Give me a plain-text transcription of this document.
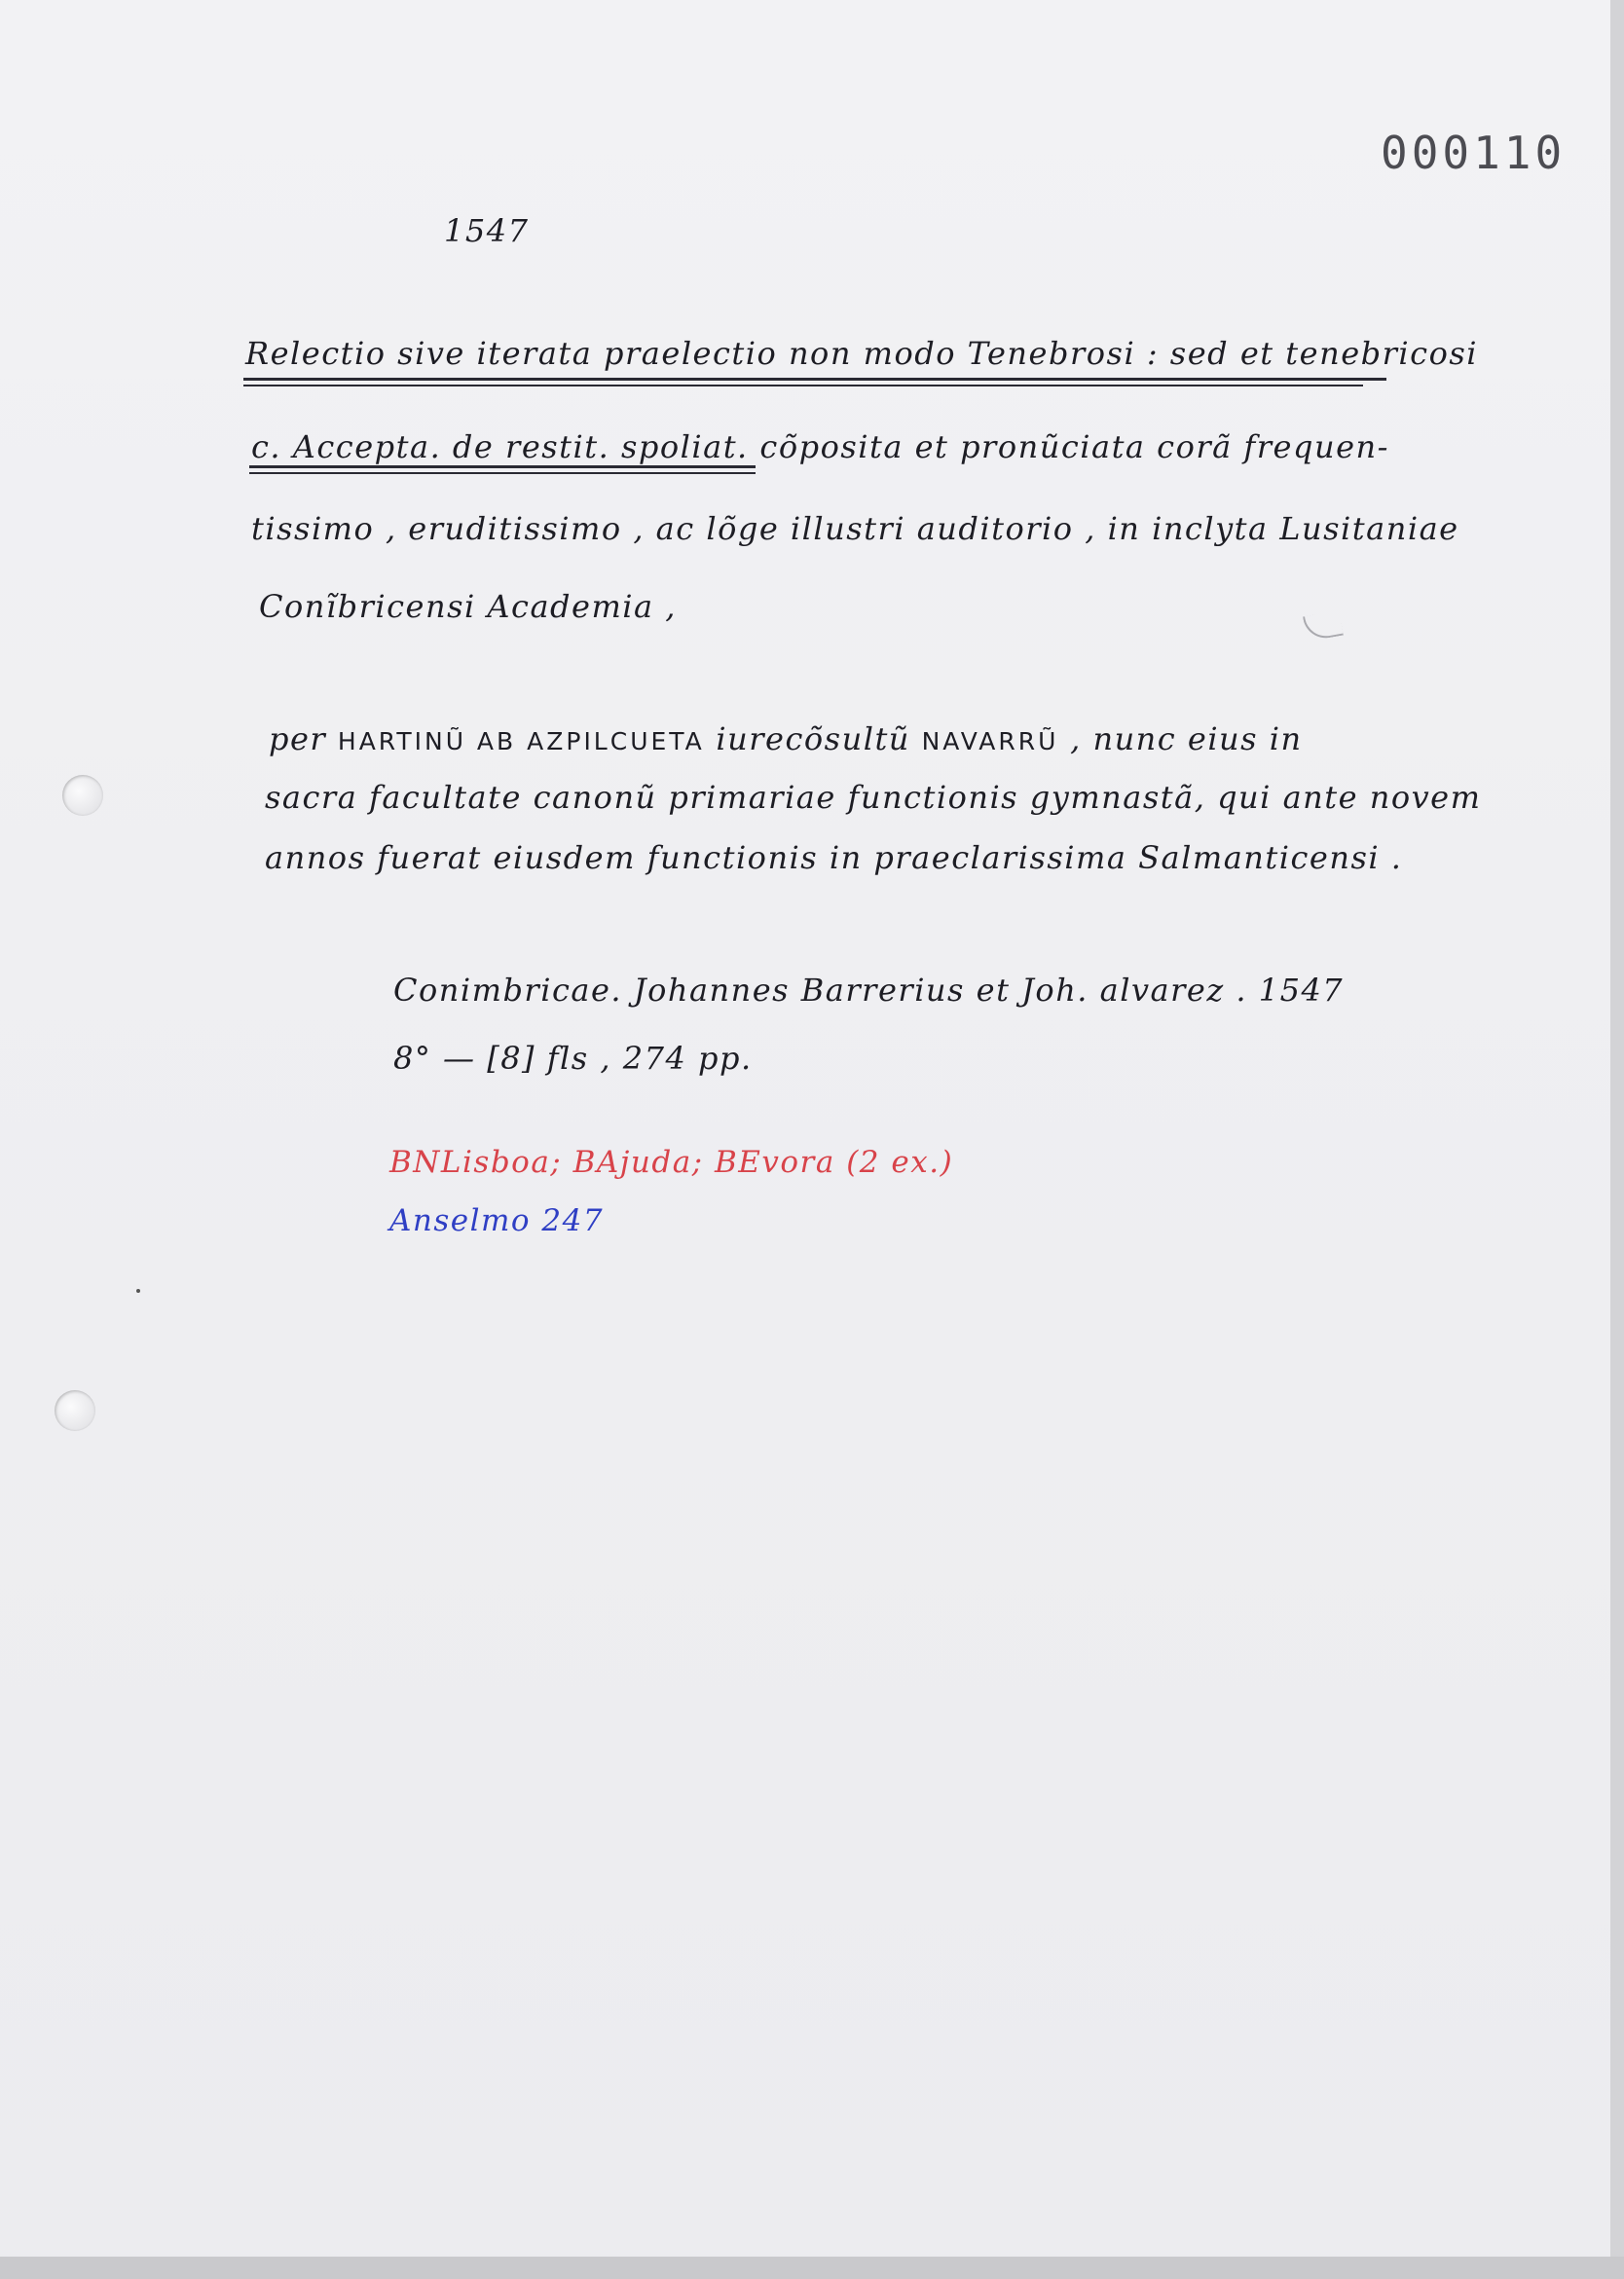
000110
1547
Relectio sive iterata praelectio non modo Tenebrosi : sed et tenebricosi
c. Accepta. de restit. spoliat. cõposita et pronũciata corã frequen-
tissimo , eruditissimo , ac lõge illustri auditorio , in inclyta Lusitaniae
Conĩbricensi Academia ,
per HARTINŨ AB AZPILCUETA iurecõsultũ NAVARRŨ , nunc eius in
sacra facultate canonũ primariae functionis gymnastã, qui ante novem
annos fuerat eiusdem functionis in praeclarissima Salmanticensi .
Conimbricae. Johannes Barrerius et Joh. alvarez . 1547
8° — [8] fls , 274 pp.
BNLisboa; BAjuda; BEvora (2 ex.)
Anselmo 247
